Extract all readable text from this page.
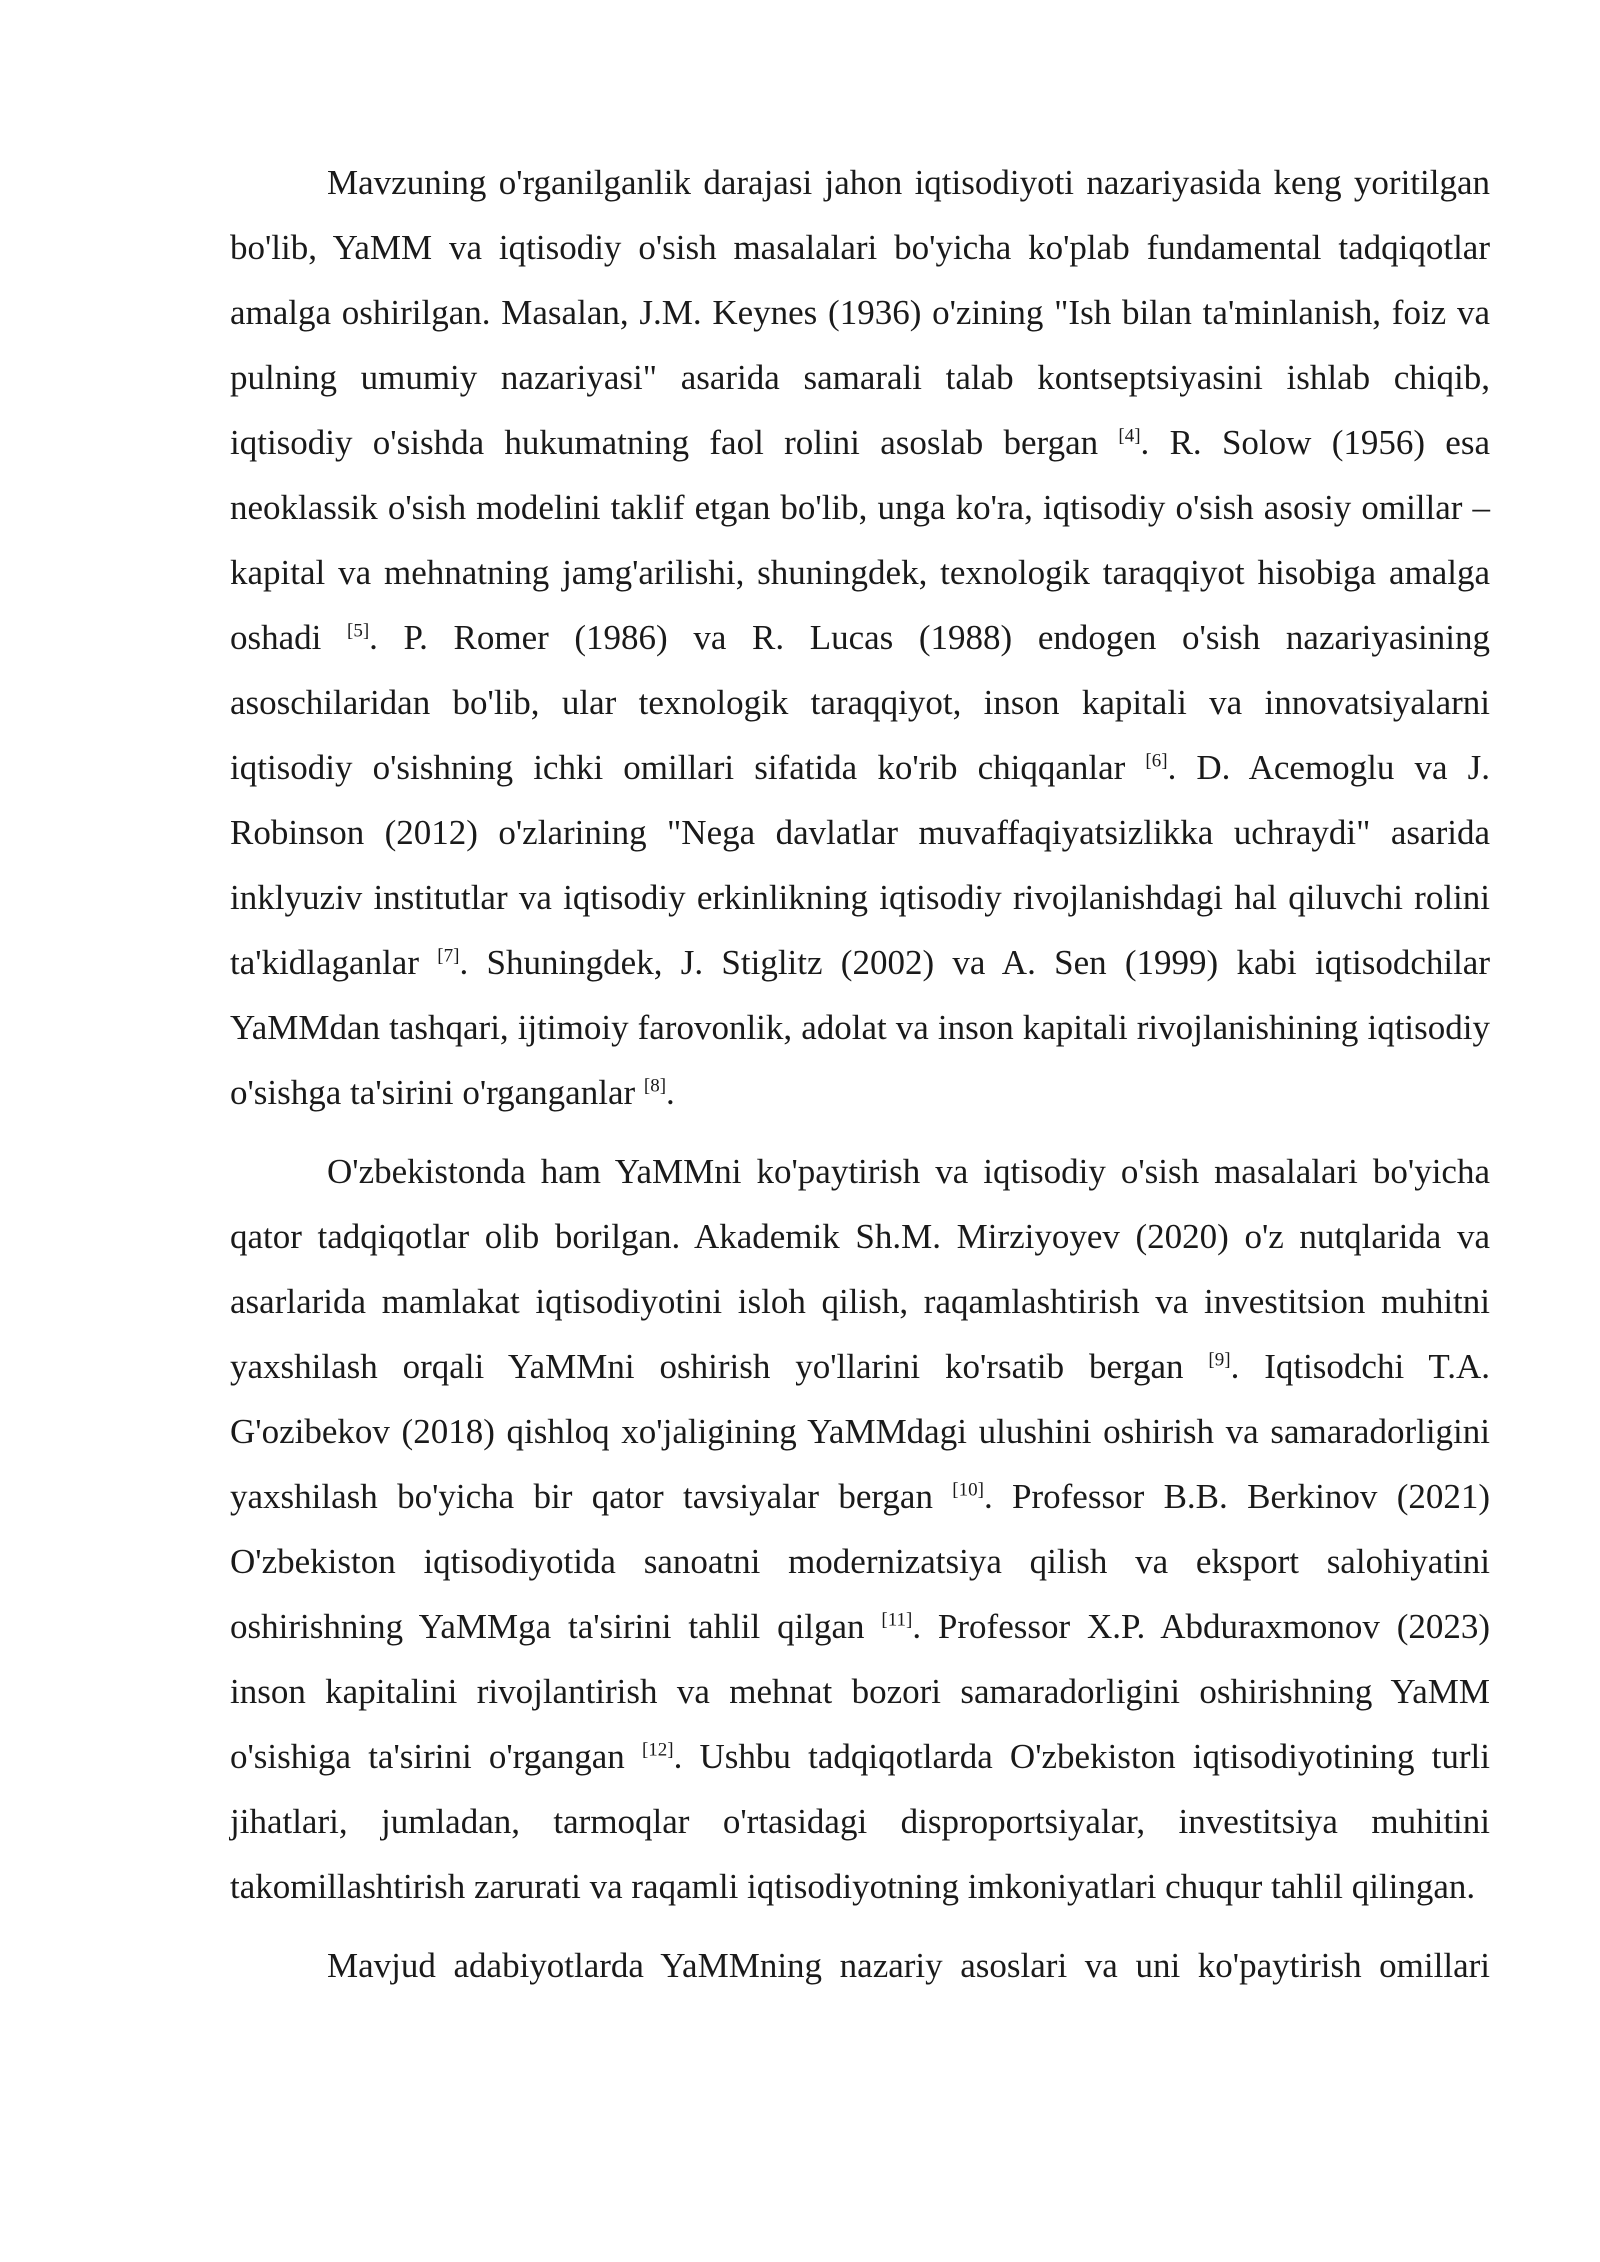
Mavzuning o'rganilganlik darajasi jahon iqtisodiyoti nazariyasida keng yoritilgan bo'lib, YaMM va iqtisodiy o'sish masalalari bo'yicha ko'plab fundamental tadqiqotlar amalga oshirilgan. Masalan, J.M. Keynes (1936) o'zining "Ish bilan ta'minlanish, foiz va pulning umumiy nazariyasi" asarida samarali talab kontseptsiyasini ishlab chiqib, iqtisodiy o'sishda hukumatning faol rolini asoslab bergan [4]. R. Solow (1956) esa neoklassik o'sish modelini taklif etgan bo'lib, unga ko'ra, iqtisodiy o'sish asosiy omillar – kapital va mehnatning jamg'arilishi, shuningdek, texnologik taraqqiyot hisobiga amalga oshadi [5]. P. Romer (1986) va R. Lucas (1988) endogen o'sish nazariyasining asoschilaridan bo'lib, ular texnologik taraqqiyot, inson kapitali va innovatsiyalarni iqtisodiy o'sishning ichki omillari sifatida ko'rib chiqqanlar [6]. D. Acemoglu va J. Robinson (2012) o'zlarining "Nega davlatlar muvaffaqiyatsizlikka uchraydi" asarida inklyuziv institutlar va iqtisodiy erkinlikning iqtisodiy rivojlanishdagi hal qiluvchi rolini ta'kidlaganlar [7]. Shuningdek, J. Stiglitz (2002) va A. Sen (1999) kabi iqtisodchilar YaMMdan tashqari, ijtimoiy farovonlik, adolat va inson kapitali rivojlanishining iqtisodiy o'sishga ta'sirini o'rganganlar [8].

O'zbekistonda ham YaMMni ko'paytirish va iqtisodiy o'sish masalalari bo'yicha qator tadqiqotlar olib borilgan. Akademik Sh.M. Mirziyoyev (2020) o'z nutqlarida va asarlarida mamlakat iqtisodiyotini isloh qilish, raqamlashtirish va investitsion muhitni yaxshilash orqali YaMMni oshirish yo'llarini ko'rsatib bergan [9]. Iqtisodchi T.A. G'ozibekov (2018) qishloq xo'jaligining YaMMdagi ulushini oshirish va samaradorligini yaxshilash bo'yicha bir qator tavsiyalar bergan [10]. Professor B.B. Berkinov (2021) O'zbekiston iqtisodiyotida sanoatni modernizatsiya qilish va eksport salohiyatini oshirishning YaMMga ta'sirini tahlil qilgan [11]. Professor X.P. Abduraxmonov (2023) inson kapitalini rivojlantirish va mehnat bozori samaradorligini oshirishning YaMM o'sishiga ta'sirini o'rgangan [12]. Ushbu tadqiqotlarda O'zbekiston iqtisodiyotining turli jihatlari, jumladan, tarmoqlar o'rtasidagi disproportsiyalar, investitsiya muhitini takomillashtirish zarurati va raqamli iqtisodiyotning imkoniyatlari chuqur tahlil qilingan.

Mavjud adabiyotlarda YaMMning nazariy asoslari va uni ko'paytirish omillari
